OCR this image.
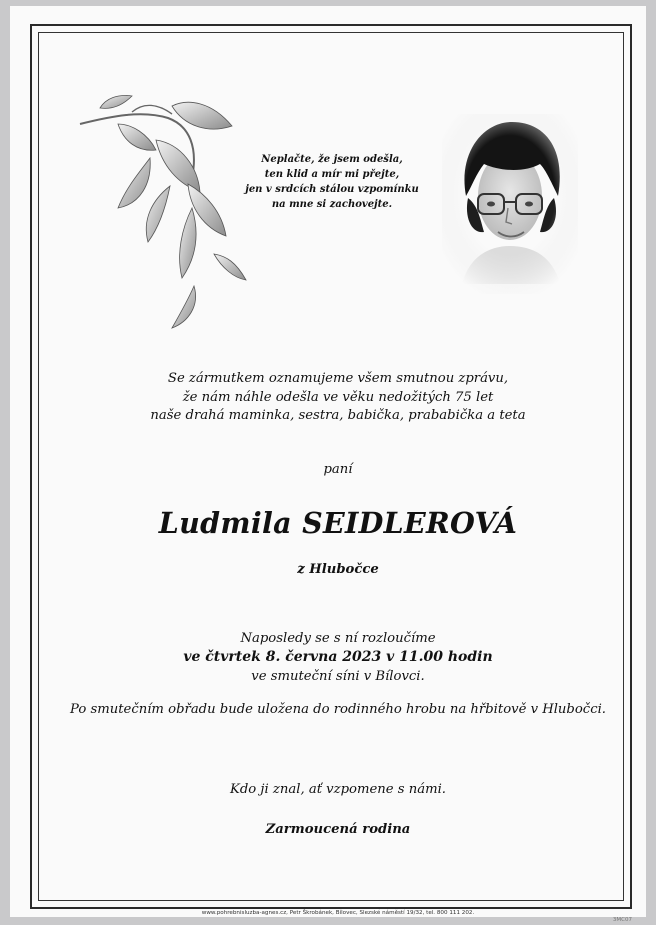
Neplačte, že jsem odešla,
ten klid a mír mi přejte,
jen v srdcích stálou vzpomínku
na mne si zachovejte.
Se zármutkem oznamujeme všem smutnou zprávu,
že nám náhle odešla ve věku nedožitých 75 let
naše drahá maminka, sestra, babička, prababička a teta
paní
Ludmila SEIDLEROVÁ
z Hlubočce
Naposledy se s ní rozloučíme
ve čtvrtek 8. června 2023 v 11.00 hodin
ve smuteční síni v Bílovci.
Po smutečním obřadu bude uložena do rodinného hrobu na hřbitově v Hlubočci.
Kdo ji znal, ať vzpomene s námi.
Zarmoucená rodina
www.pohrebnisluzba-agnes.cz, Petr Škrobánek, Bílovec, Slezské náměstí 19/32, tel. 800 111 202.
3MC07
